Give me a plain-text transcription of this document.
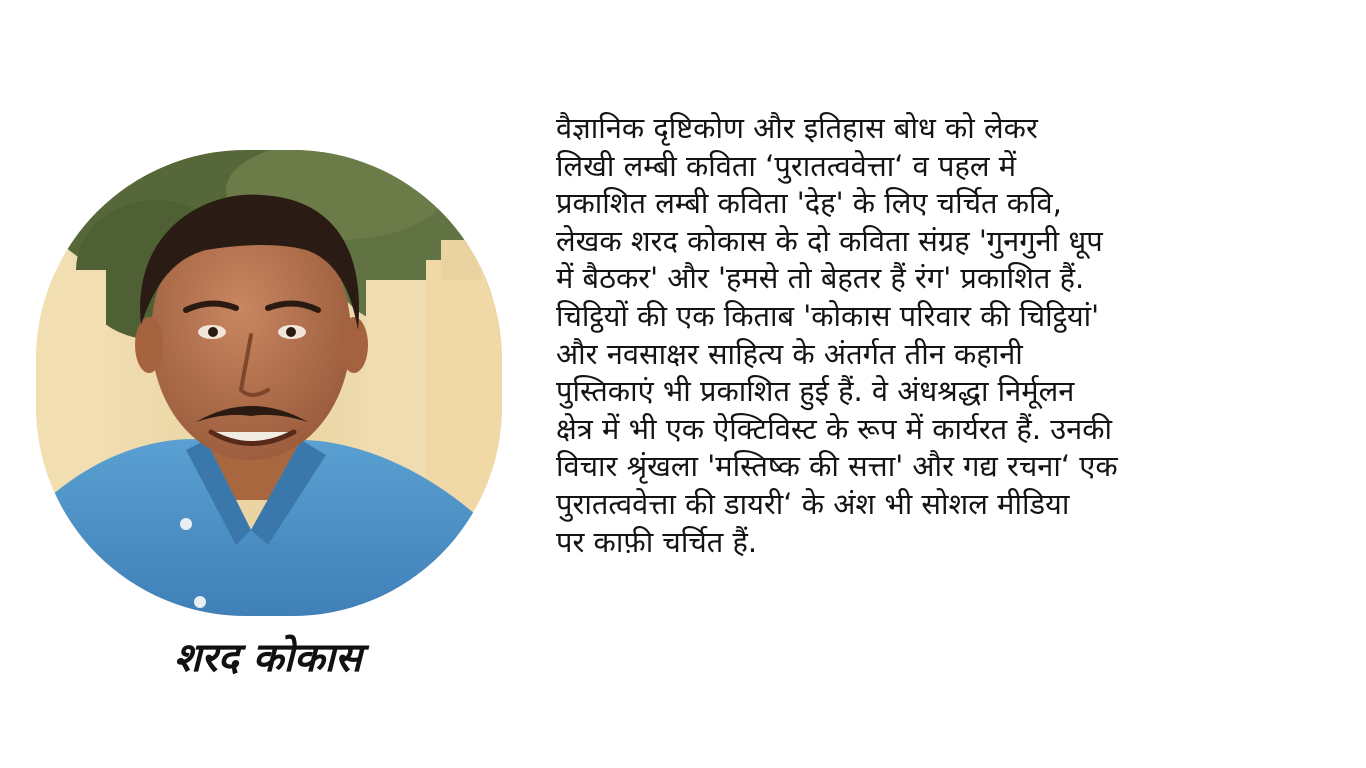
शरद कोकास

वैज्ञानिक दृष्टिकोण और इतिहास बोध को लेकर
लिखी लम्बी कविता ‘पुरातत्ववेत्ता‘ व पहल में
प्रकाशित लम्बी कविता 'देह' के लिए चर्चित कवि,
लेखक शरद कोकास के दो कविता संग्रह 'गुनगुनी धूप
में बैठकर' और 'हमसे तो बेहतर हैं रंग' प्रकाशित हैं.
चिट्ठियों की एक किताब 'कोकास परिवार की चिट्ठियां'
और नवसाक्षर साहित्य के अंतर्गत तीन कहानी
पुस्तिकाएं भी प्रकाशित हुई हैं. वे अंधश्रद्धा निर्मूलन
क्षेत्र में भी एक ऐक्टिविस्ट के रूप में कार्यरत हैं. उनकी
विचार श्रृंखला 'मस्तिष्क की सत्ता' और गद्य रचना‘ एक
पुरातत्ववेत्ता की डायरी‘ के अंश भी सोशल मीडिया
पर काफ़ी चर्चित हैं.
